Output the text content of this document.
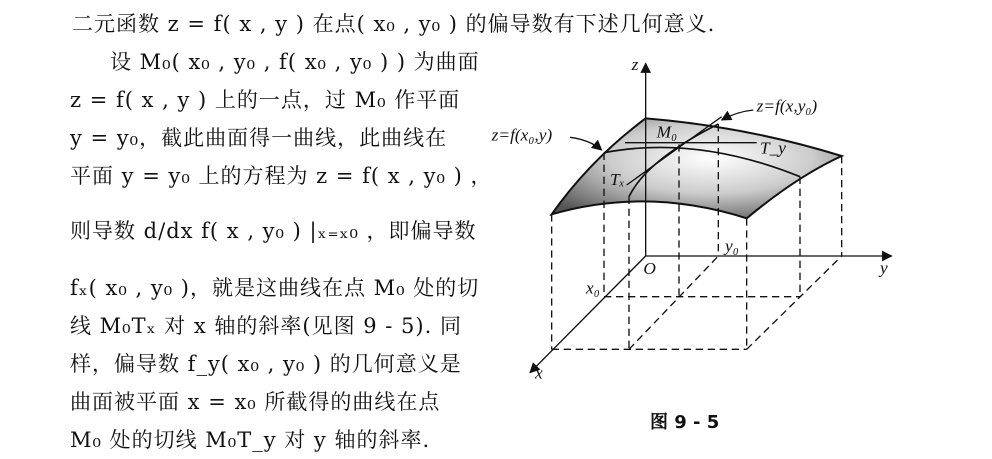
二元函数 z = f( x , y ) 在点( x₀ , y₀ ) 的偏导数有下述几何意义.
设 M₀( x₀ , y₀ , f( x₀ , y₀ ) ) 为曲面
z = f( x , y ) 上的一点，过 M₀ 作平面
y = y₀，截此曲面得一曲线，此曲线在
平面 y = y₀ 上的方程为 z = f( x , y₀ ) ，
则导数 d/dx f( x , y₀ ) |ₓ₌ₓ₀ ，即偏导数
fₓ( x₀ , y₀ )，就是这曲线在点 M₀ 处的切
线 M₀Tₓ 对 x 轴的斜率(见图 9 - 5). 同
样，偏导数 f_y( x₀ , y₀ ) 的几何意义是
曲面被平面 x = x₀ 所截得的曲线在点
M₀ 处的切线 M₀T_y 对 y 轴的斜率.
z
y
x
O
x₀
y₀
M₀
Tₓ
T_y
z=f(x₀,y)
z=f(x,y₀)
图 9 - 5
